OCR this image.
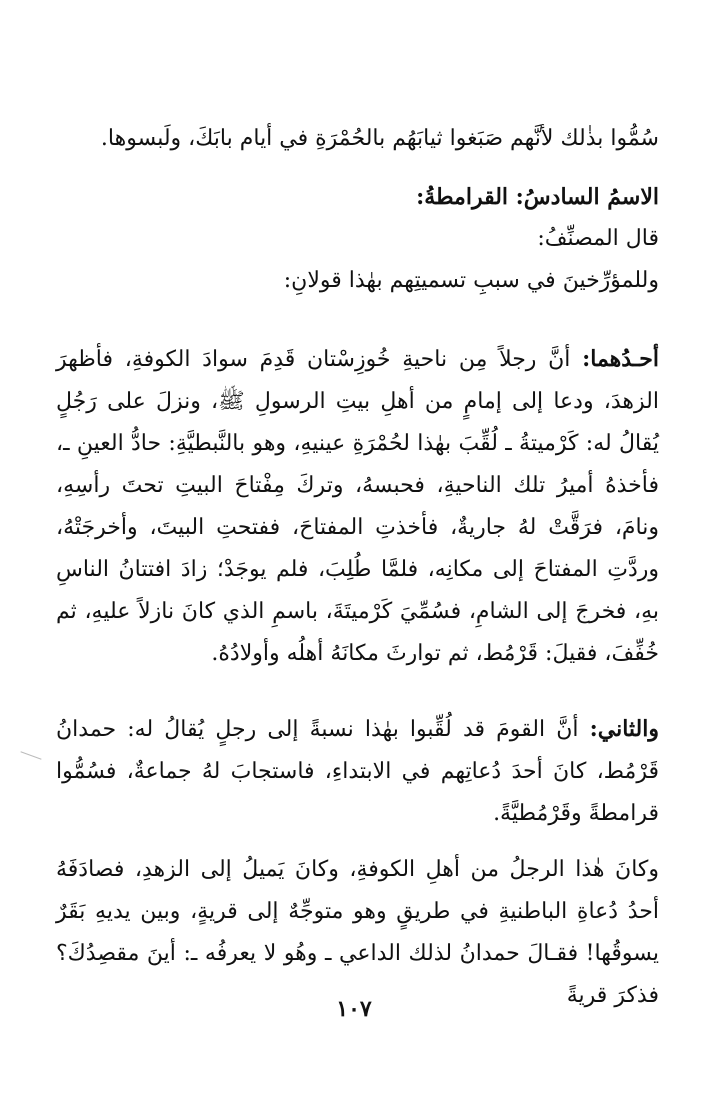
سُمُّوا بذٰلك لأنَّهم صَبَغوا ثيابَهُم بالحُمْرَةِ في أيام بابَكَ، ولَبسوها.

الاسمُ السادسُ: القرامطةُ:

قال المصنِّفُ:

وللمؤرِّخينَ في سببِ تسميتِهم بهٰذا قولانِ:

أحـدُهما: أنَّ رجلاً مِن ناحيةِ خُوزِسْتان قَدِمَ سوادَ الكوفةِ، فأظهرَ الزهدَ، ودعا إلى إمامٍ من أهلِ بيتِ الرسولِ ﷺ، ونزلَ على رَجُلٍ يُقالُ له: كَرْميتةُ ـ لُقِّبَ بهٰذا لحُمْرَةِ عينيهِ، وهو بالنَّبطيَّةِ: حادُّ العينِ ـ، فأخذهُ أميرُ تلك الناحيةِ، فحبسهُ، وتركَ مِفْتاحَ البيتِ تحتَ رأسِهِ، ونامَ، فرَقَّتْ لهُ جاريةٌ، فأخذتِ المفتاحَ، ففتحتِ البيتَ، وأخرجَتْهُ، وردَّتِ المفتاحَ إلى مكانِه، فلمَّا طُلِبَ، فلم يوجَدْ؛ زادَ افتتانُ الناسِ بهِ، فخرجَ إلى الشامِ، فسُمِّيَ كَرْميتَةَ، باسمِ الذي كانَ نازلاً عليهِ، ثم خُفِّفَ، فقيلَ: قَرْمُط، ثم توارثَ مكانَهُ أهلُه وأولادُهُ.

والثاني: أنَّ القومَ قد لُقِّبوا بهٰذا نسبةً إلى رجلٍ يُقالُ له: حمدانُ قَرْمُط، كانَ أحدَ دُعاتِهم في الابتداءِ، فاستجابَ لهُ جماعةٌ، فسُمُّوا قرامطةً وقَرْمُطيَّةً.

وكانَ هٰذا الرجلُ من أهلِ الكوفةِ، وكانَ يَميلُ إلى الزهدِ، فصادَفَهُ أحدُ دُعاةِ الباطنيةِ في طريقٍ وهو متوجِّهٌ إلى قريةٍ، وبين يديهِ بَقَرٌ يسوقُها! فقـالَ حمدانُ لذلك الداعي ـ وهُو لا يعرفُه ـ: أينَ مقصِدُكَ؟ فذكرَ قريةً

١٠٧
